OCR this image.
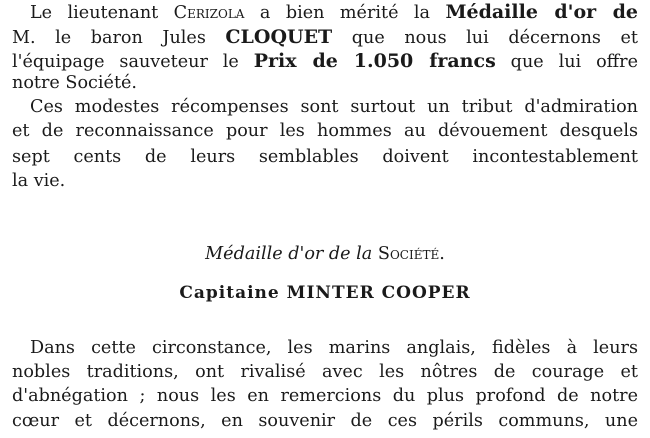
Le lieutenant Cerizola a bien mérité la Médaille d'or de
M. le baron Jules CLOQUET que nous lui décernons et
l'équipage sauveteur le Prix de 1.050 francs que lui offre
notre Société.
Ces modestes récompenses sont surtout un tribut d'admiration
et de reconnaissance pour les hommes au dévouement desquels
sept cents de leurs semblables doivent incontestablement
la vie.
Médaille d'or de la Société.
Capitaine MINTER COOPER
Dans cette circonstance, les marins anglais, fidèles à leurs
nobles traditions, ont rivalisé avec les nôtres de courage et
d'abnégation ; nous les en remercions du plus profond de notre
cœur et décernons, en souvenir de ces périls communs, une
